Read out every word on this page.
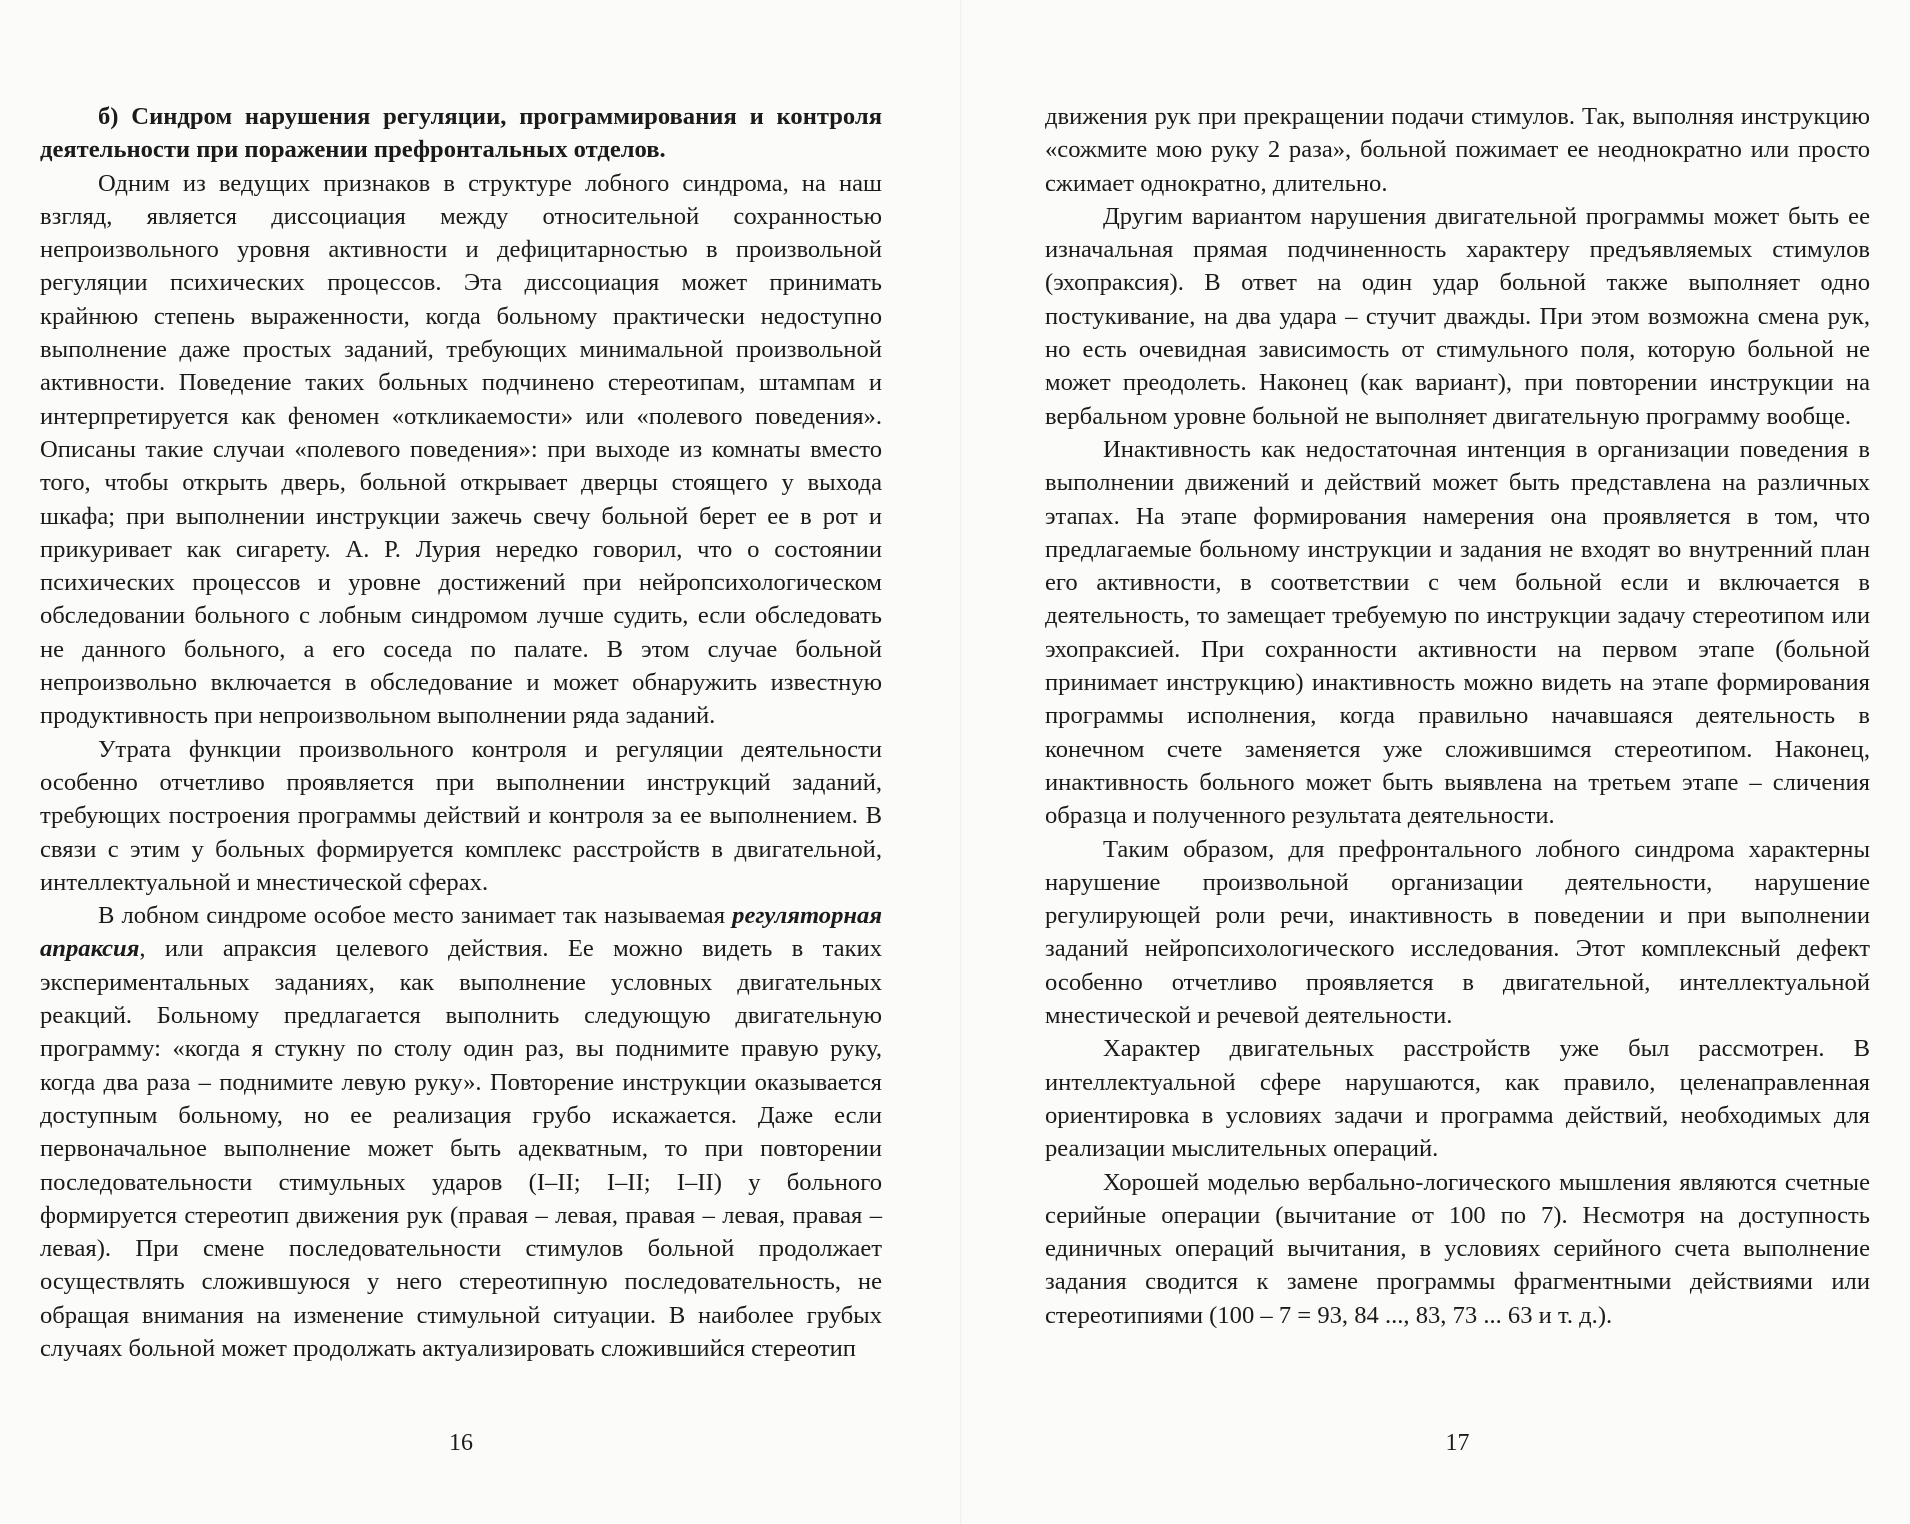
б) Синдром нарушения регуляции, программирования и контроля деятельности при поражении префронтальных отделов.

Одним из ведущих признаков в структуре лобного синдрома, на наш взгляд, является диссоциация между относительной сохранностью непроизвольного уровня активности и дефицитарностью в произвольной регуляции психических процессов. Эта диссоциация может принимать крайнюю степень выраженности, когда больному практически недоступно выполнение даже простых заданий, требующих минимальной произвольной активности. Поведение таких больных подчинено стереотипам, штампам и интерпретируется как феномен «откликаемости» или «полевого поведения». Описаны такие случаи «полевого поведения»: при выходе из комнаты вместо того, чтобы открыть дверь, больной открывает дверцы стоящего у выхода шкафа; при выполнении инструкции зажечь свечу больной берет ее в рот и прикуривает как сигарету. А. Р. Лурия нередко говорил, что о состоянии психических процессов и уровне достижений при нейропсихологическом обследовании больного с лобным синдромом лучше судить, если обследовать не данного больного, а его соседа по палате. В этом случае больной непроизвольно включается в обследование и может обнаружить известную продуктивность при непроизвольном выполнении ряда заданий.

Утрата функции произвольного контроля и регуляции деятельности особенно отчетливо проявляется при выполнении инструкций заданий, требующих построения программы действий и контроля за ее выполнением. В связи с этим у больных формируется комплекс расстройств в двигательной, интеллектуальной и мнестической сферах.

В лобном синдроме особое место занимает так называемая регуляторная апраксия, или апраксия целевого действия. Ее можно видеть в таких экспериментальных заданиях, как выполнение условных двигательных реакций. Больному предлагается выполнить следующую двигательную программу: «когда я стукну по столу один раз, вы поднимите правую руку, когда два раза – поднимите левую руку». Повторение инструкции оказывается доступным больному, но ее реализация грубо искажается. Даже если первоначальное выполнение может быть адекватным, то при повторении последовательности стимульных ударов (I–II; I–II; I–II) у больного формируется стереотип движения рук (правая – левая, правая – левая, правая – левая). При смене последовательности стимулов больной продолжает осуществлять сложившуюся у него стереотипную последовательность, не обращая внимания на изменение стимульной ситуации. В наиболее грубых случаях больной может продолжать актуализировать сложившийся стереотип

16

движения рук при прекращении подачи стимулов. Так, выполняя инструкцию «сожмите мою руку 2 раза», больной пожимает ее неоднократно или просто сжимает однократно, длительно.

Другим вариантом нарушения двигательной программы может быть ее изначальная прямая подчиненность характеру предъявляемых стимулов (эхопраксия). В ответ на один удар больной также выполняет одно постукивание, на два удара – стучит дважды. При этом возможна смена рук, но есть очевидная зависимость от стимульного поля, которую больной не может преодолеть. Наконец (как вариант), при повторении инструкции на вербальном уровне больной не выполняет двигательную программу вообще.

Инактивность как недостаточная интенция в организации поведения в выполнении движений и действий может быть представлена на различных этапах. На этапе формирования намерения она проявляется в том, что предлагаемые больному инструкции и задания не входят во внутренний план его активности, в соответствии с чем больной если и включается в деятельность, то замещает требуемую по инструкции задачу стереотипом или эхопраксией. При сохранности активности на первом этапе (больной принимает инструкцию) инактивность можно видеть на этапе формирования программы исполнения, когда правильно начавшаяся деятельность в конечном счете заменяется уже сложившимся стереотипом. Наконец, инактивность больного может быть выявлена на третьем этапе – сличения образца и полученного результата деятельности.

Таким образом, для префронтального лобного синдрома характерны нарушение произвольной организации деятельности, нарушение регулирующей роли речи, инактивность в поведении и при выполнении заданий нейропсихологического исследования. Этот комплексный дефект особенно отчетливо проявляется в двигательной, интеллектуальной мнестической и речевой деятельности.

Характер двигательных расстройств уже был рассмотрен. В интеллектуальной сфере нарушаются, как правило, целенаправленная ориентировка в условиях задачи и программа действий, необходимых для реализации мыслительных операций.

Хорошей моделью вербально-логического мышления являются счетные серийные операции (вычитание от 100 по 7). Несмотря на доступность единичных операций вычитания, в условиях серийного счета выполнение задания сводится к замене программы фрагментными действиями или стереотипиями (100 – 7 = 93, 84 ..., 83, 73 ... 63 и т. д.).

17
